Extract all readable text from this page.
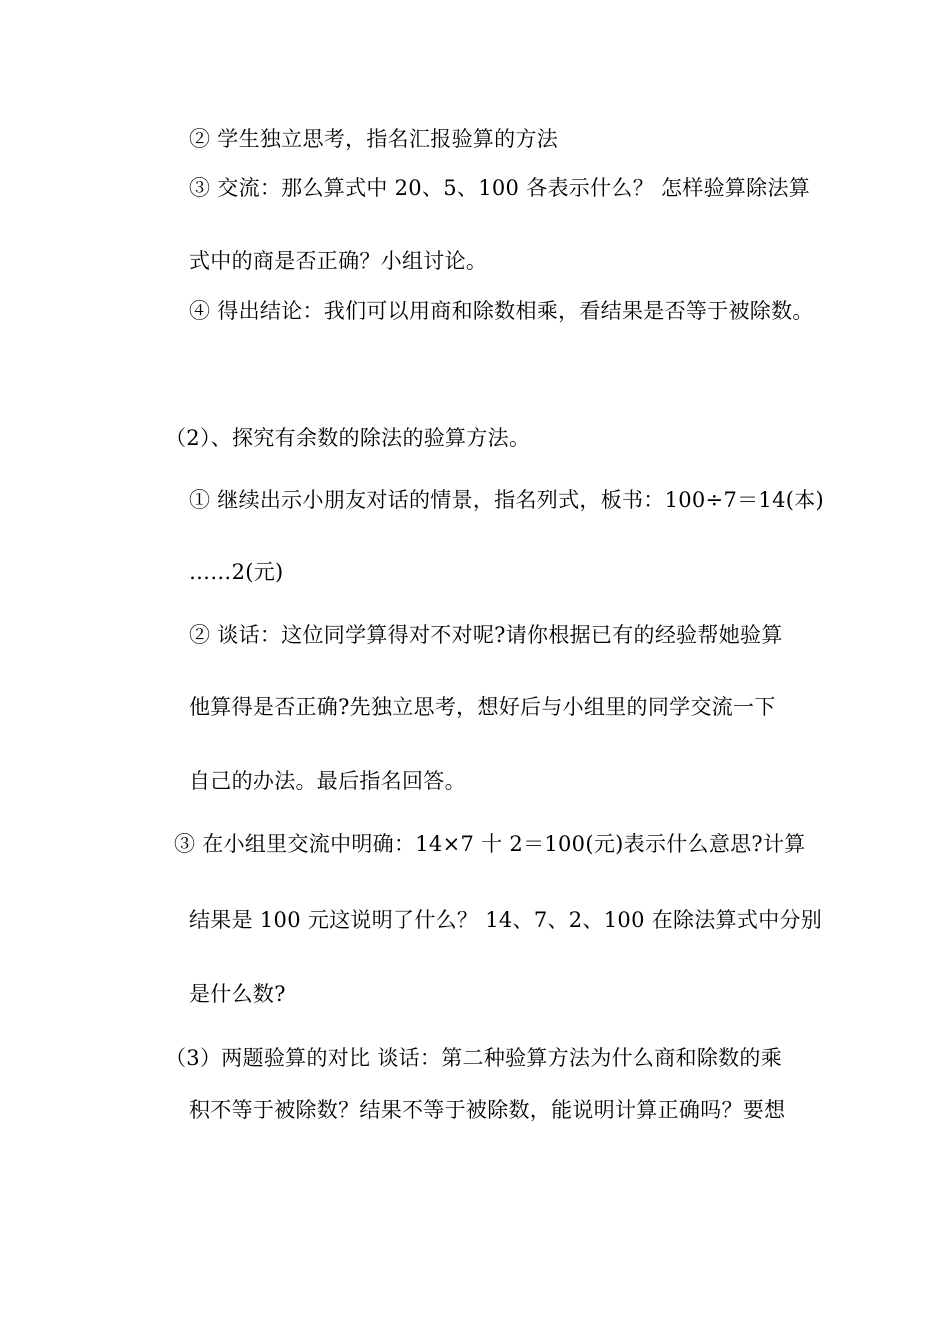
② 学生独立思考，指名汇报验算的方法
③ 交流：那么算式中 20、5、100 各表示什么？ 怎样验算除法算
式中的商是否正确？小组讨论。
④ 得出结论：我们可以用商和除数相乘，看结果是否等于被除数。
（2）、探究有余数的除法的验算方法。
① 继续出示小朋友对话的情景，指名列式，板书：100÷7＝14(本)
……2(元)
② 谈话：这位同学算得对不对呢?请你根据已有的经验帮她验算
他算得是否正确?先独立思考，想好后与小组里的同学交流一下
自己的办法。最后指名回答。
③ 在小组里交流中明确：14×7 十 2＝100(元)表示什么意思?计算
结果是 100 元这说明了什么？ 14、7、2、100 在除法算式中分别
是什么数?
（3）两题验算的对比 谈话：第二种验算方法为什么商和除数的乘
积不等于被除数？结果不等于被除数，能说明计算正确吗？要想
